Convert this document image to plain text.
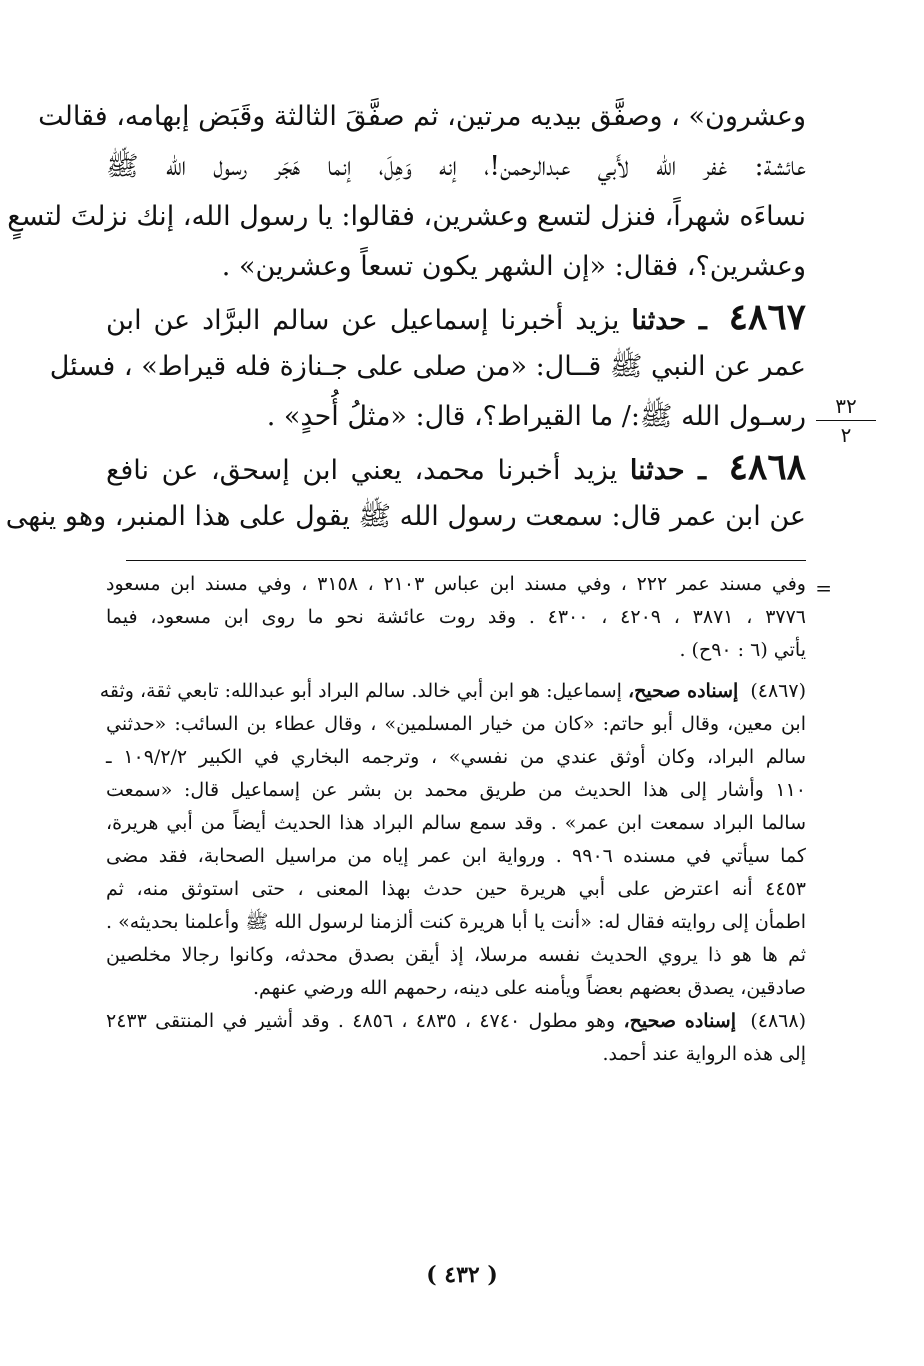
وعشرون» ، وصفَّق بيديه مرتين، ثم صفَّقَ الثالثة وقَبَض إبهامه، فقالت
عائشة: غفر الله لأَبي عبدالرحمن!، إنه وَهِلَ، إنما هَجَر رسول الله ﷺ
نساءَه شهراً، فنزل لتسع وعشرين، فقالوا: يا رسول الله، إنك نزلتَ لتسعٍ
وعشرين؟، فقال: «إن الشهر يكون تسعاً وعشرين» .
٤٨٦٧ ـ حدثنا يزيد أخبرنا إسماعيل عن سالم البرَّاد عن ابن
عمر عن النبي ﷺ قــال: «من صلى على جـنازة فله قيراط» ، فسئل
رسـول الله ﷺ:/ ما القيراط؟، قال: «مثلُ أُحدٍ» .
٤٨٦٨ ـ حدثنا يزيد أخبرنا محمد، يعني ابن إسحق، عن نافع
عن ابن عمر قال: سمعت رسول الله ﷺ يقول على هذا المنبر، وهو ينهى
٣٢
٢
=
وفي مسند عمر ٢٢٢ ، وفي مسند ابن عباس ٢١٠٣ ، ٣١٥٨ ، وفي مسند ابن مسعود
٣٧٧٦ ، ٣٨٧١ ، ٤٢٠٩ ، ٤٣٠٠ . وقد روت عائشة نحو ما روى ابن مسعود، فيما
يأتي (٦ : ٩٠ح) .
(٤٨٦٧) إسناده صحيح، إسماعيل: هو ابن أبي خالد. سالم البراد أبو عبدالله: تابعي ثقة، وثقه
ابن معين، وقال أبو حاتم: «كان من خيار المسلمين» ، وقال عطاء بن السائب: «حدثني
سالم البراد، وكان أوثق عندي من نفسي» ، وترجمه البخاري في الكبير ١٠٩/٢/٢ ـ
١١٠ وأشار إلى هذا الحديث من طريق محمد بن بشر عن إسماعيل قال: «سمعت
سالما البراد سمعت ابن عمر» . وقد سمع سالم البراد هذا الحديث أيضاً من أبي هريرة،
كما سيأتي في مسنده ٩٩٠٦ . ورواية ابن عمر إياه من مراسيل الصحابة، فقد مضى
٤٤٥٣ أنه اعترض على أبي هريرة حين حدث بهذا المعنى ، حتى استوثق منه، ثم
اطمأن إلى روايته فقال له: «أنت يا أبا هريرة كنت ألزمنا لرسول الله ﷺ وأعلمنا بحديثه» .
ثم ها هو ذا يروي الحديث نفسه مرسلا، إذ أيقن بصدق محدثه، وكانوا رجالا مخلصين
صادقين، يصدق بعضهم بعضاً ويأمنه على دينه، رحمهم الله ورضي عنهم.
(٤٨٦٨) إسناده صحيح، وهو مطول ٤٧٤٠ ، ٤٨٣٥ ، ٤٨٥٦ . وقد أشير في المنتقى ٢٤٣٣
إلى هذه الرواية عند أحمد.
( ٤٣٢ )
